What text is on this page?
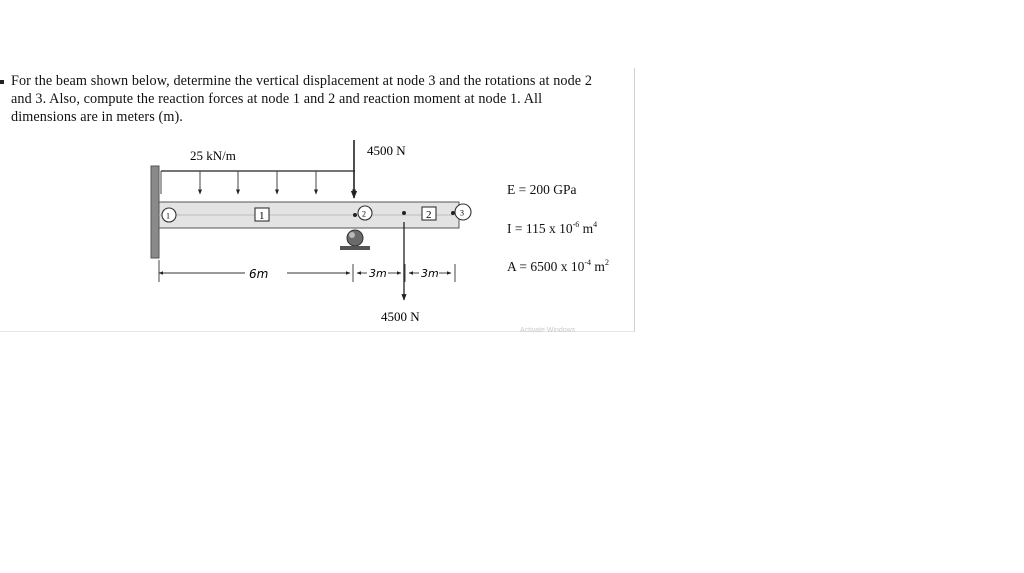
For the beam shown below, determine the vertical displacement at node 3 and the rotations at node 2 and 3. Also, compute the reaction forces at node 1 and 2 and reaction moment at node 1. All dimensions are in meters (m).

25 kN/m	4500 N
1	1	2
4500 N
2	3
6m	3m	3m
E = 200 GPa
I = 115 x $10^{-6}$ $m^4$
A = 6500 x $10^{-4}$ $m^2$
Activate Windows
